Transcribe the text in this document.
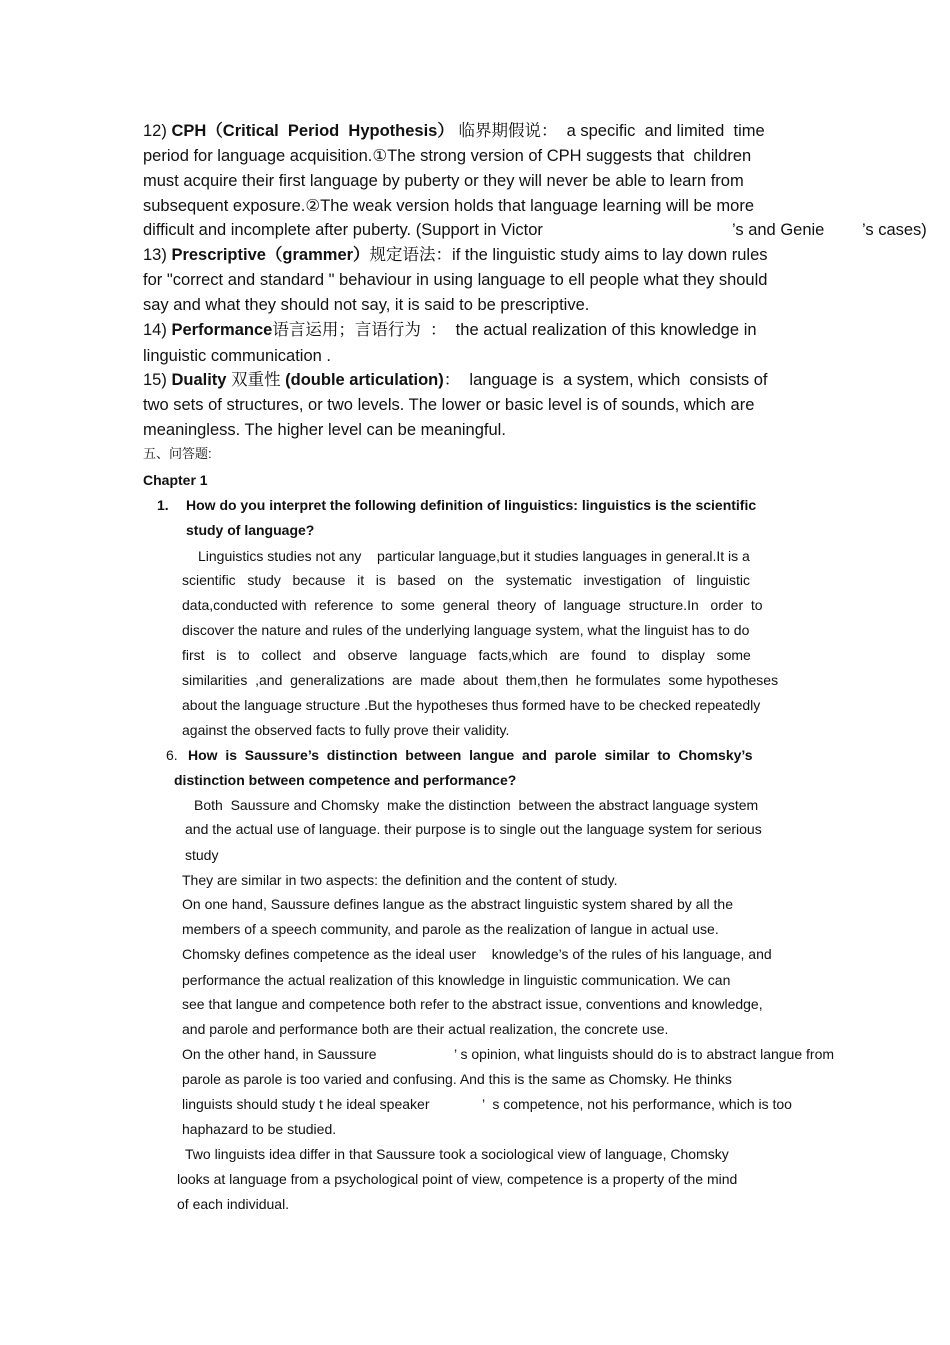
12) CPH（Critical  Period  Hypothesis） 临界期假说：  a specific  and limited  time
period for language acquisition.①The strong version of CPH suggests that  children
must acquire their first language by puberty or they will never be able to learn from
subsequent exposure.②The weak version holds that language learning will be more
difficult and incomplete after puberty. (Support in Victor	’s and Genie ’s cases)
13) Prescriptive（grammer）规定语法：if the linguistic study aims to lay down rules
for "correct and standard " behaviour in using language to ell people what they should
say and what they should not say, it is said to be prescriptive.
14) Performance语言运用；言语行为 ：  the actual realization of this knowledge in
linguistic communication .
15) Duality 双重性 (double articulation)：  language is  a system, which  consists of
two sets of structures, or two levels. The lower or basic level is of sounds, which are
meaningless. The higher level can be meaningful.
五、问答题:
Chapter 1
1. How do you interpret the following definition of linguistics: linguistics is the scientific
study of language?
Linguistics studies not any    particular language,but it studies languages in general.It is a
scientific   study   because   it   is   based   on   the   systematic   investigation   of   linguistic
data,conducted with  reference  to  some  general  theory  of  language  structure.In   order  to
discover the nature and rules of the underlying language system, what the linguist has to do
first   is   to   collect   and   observe   language   facts,which   are   found   to   display   some
similarities  ,and  generalizations  are  made  about  them,then  he formulates  some hypotheses
about the language structure .But the hypotheses thus formed have to be checked repeatedly
against the observed facts to fully prove their validity.
6. How  is  Saussure’s  distinction  between  langue  and  parole  similar  to  Chomsky’s
distinction between competence and performance?
Both  Saussure and Chomsky  make the distinction  between the abstract language system
and the actual use of language. their purpose is to single out the language system for serious
study
They are similar in two aspects: the definition and the content of study.
On one hand, Saussure defines langue as the abstract linguistic system shared by all the
members of a speech community, and parole as the realization of langue in actual use.
Chomsky defines competence as the ideal user    knowledge’s of the rules of his language, and
performance the actual realization of this knowledge in linguistic communication. We can
see that langue and competence both refer to the abstract issue, conventions and knowledge,
and parole and performance both are their actual realization, the concrete use.
On the other hand, in Saussure	’ s opinion, what linguists should do is to abstract langue from
parole as parole is too varied and confusing. And this is the same as Chomsky. He thinks
linguists should study t he ideal speaker	’  s competence, not his performance, which is too
haphazard to be studied.
Two linguists idea differ in that Saussure took a sociological view of language, Chomsky
looks at language from a psychological point of view, competence is a property of the mind
of each individual.
